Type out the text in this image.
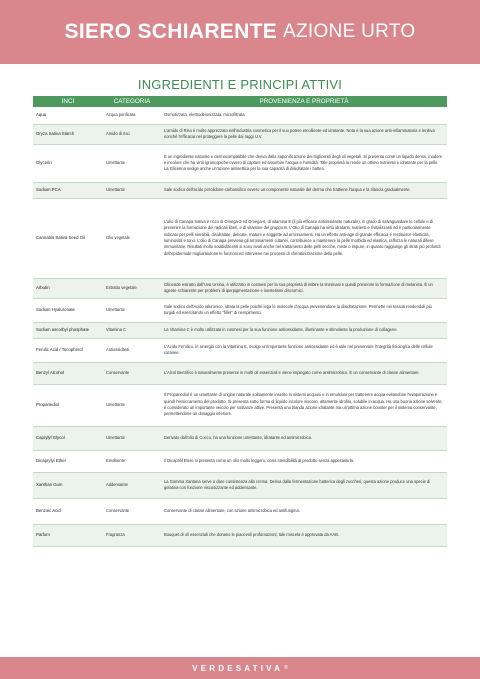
SIERO SCHIARENTE AZIONE URTO
INGREDIENTI E PRINCIPI ATTIVI
INCI	CATEGORIA	PROVENIENZA E PROPRIETÀ
Aqua	Acqua purificata	Osmotizzata, elettrodeionizzata, microfiltrata.
Oryza Sativa Starch	Amido di riso	L'amido di Riso è molto apprezzato nell'industria cosmetica per il suo potere emolliente ed idratante. Nota è la sua azione anti-infiammatoria e lenitiva nonché l'efficacia nel proteggere la pelle dai raggi U.V.
Glycerin	Umettante	È un ingrediente naturale e dermocompatibile che deriva dalla saponificazione dei trigliceridi degli oli vegetali. Si presenta come un liquido denso, inodore e incolore che ha virtù igroscopiche ovvero di captare ed assorbire l'acqua e l'umidità. Tale proprietà la rende un ottimo nutriente e idratante per la pelle. La Glicerina svolge anche un'azione antisettica per la sua capacità di disidratare i batteri.
Sodium PCA	Umettante	Sale sodico dell'acido pirrolidone carbossilico ovvero un componente naturale del derma che trattiene l'acqua e la rilascia gradualmente.
Cannabis Sativa Seed Oil	Olio vegetale	L'olio di Canapa Sativa è ricco di Omega-3 ed Omega-6, di vitamina E (il più efficace antiossidante naturale), in grado di salvaguardare le cellule e di prevenire la formazione dei radicali liberi, e di vitamine del gruppo B. L'Olio di Canapa ha virtù idratanti, nutrienti e rivitalizzanti ed è particolarmente indicato per pelli sensibili, disidratate, delicate, mature e soggette ad arrossamenti. Ha un effetto anti-age di grande efficacia e restituisce elasticità, luminosità e tono. L'olio di Canapa previene gli arrossamenti cutanei, contribuisce a mantenere la pelle morbida ed elastica, rafforza le naturali difese immunitarie. Risultati molto soddisfacenti si sono avuti anche nel trattamento delle pelli secche, miste o impure, in quanto raggiunge gli strati più profondi dell'epidermide migliorandone le funzioni ed interviene nei processi di cheratinizzazione della pelle.
Arbutin	Estratto vegetale	Glicoside estratto dall'Uva Ursina, è utilizzato in cosmesi per la sua proprietà di inibire la tirosinasi e quindi prevenire la formazione di melanina. È un agente schiarente per problemi di iperpigmentazione e inestetismi discromici.
Sodium Hyaluronate	Umettante	Sale sodico dell'Acido Ialuronico, idrata la pelle poiché lega le molecole d'acqua prevenendone la disidratazione. Permette nei tessuti rendendoli più turgidi ed esercitando un effetto "filler" di riempimento.
Sodium ascorbyl phosphate	Vitamina C	La Vitamina C è molto utilizzata in cosmesi per la sua funzione antiossidante, illuminante e stimolante la produzione di collagene.
Ferulic Acid / Tocopherol	Antiossidanti	L'Acido Ferulico, in sinergia con la Vitamina E, svolge un'importante funzione antiossidante ed è utile nel preservare l'integrità fisiologica delle cellule cutanee.
Benzyl Alcohol	Conservante	L'Alcol Benzilico è naturalmente presente in molti oli essenziali e viene impiegato come antimicrobico. È un conservante di classe alimentare.
Propanediol	Umettante	Il Propanediol è un umettante di origine naturale solitamente inserito in sistemi acquosi e in emulsioni per trattenere acqua evitandone l'evaporazione e quindi l'essiccamento del prodotto. Si presenta sotto forma di liquido incolore viscoso, altamente idrofilo, solubile in acqua. Ha una buona azione solvente, è considerato un importante veicolo per sostanze attive. Presenta una blanda azione idratante ma un'ottima azione booster per il sistema conservante, permettendone un dosaggio inferiore.
Caprylyl Glycol	Umettante	Derivato dall'olio di Cocco, ha una funzione umettante, idratante ed antimicrobica.
Dicaprylyl Ether	Emolliente	Il Dicaprilil Etere si presenta come un olio molto leggero, dona stendibilità al prodotto senza appesantirla.
Xanthan Gum	Addensante	La Gomma Xantana serve a dare consistenza alla crema. Deriva dalla fermentazione batterica degli zuccheri, questa azione produce una specie di gelatina con funzione viscosizzante ed addensante.
Benzoic Acid	Conservante	Conservante di classe alimentare, con azione antimicrobica ed antifungina.
Parfum	Fragranza	Bouquet di oli essenziali che donano le piacevoli profumazioni; tale miscela è approvata da AAB.
VERDESATIVA ®
